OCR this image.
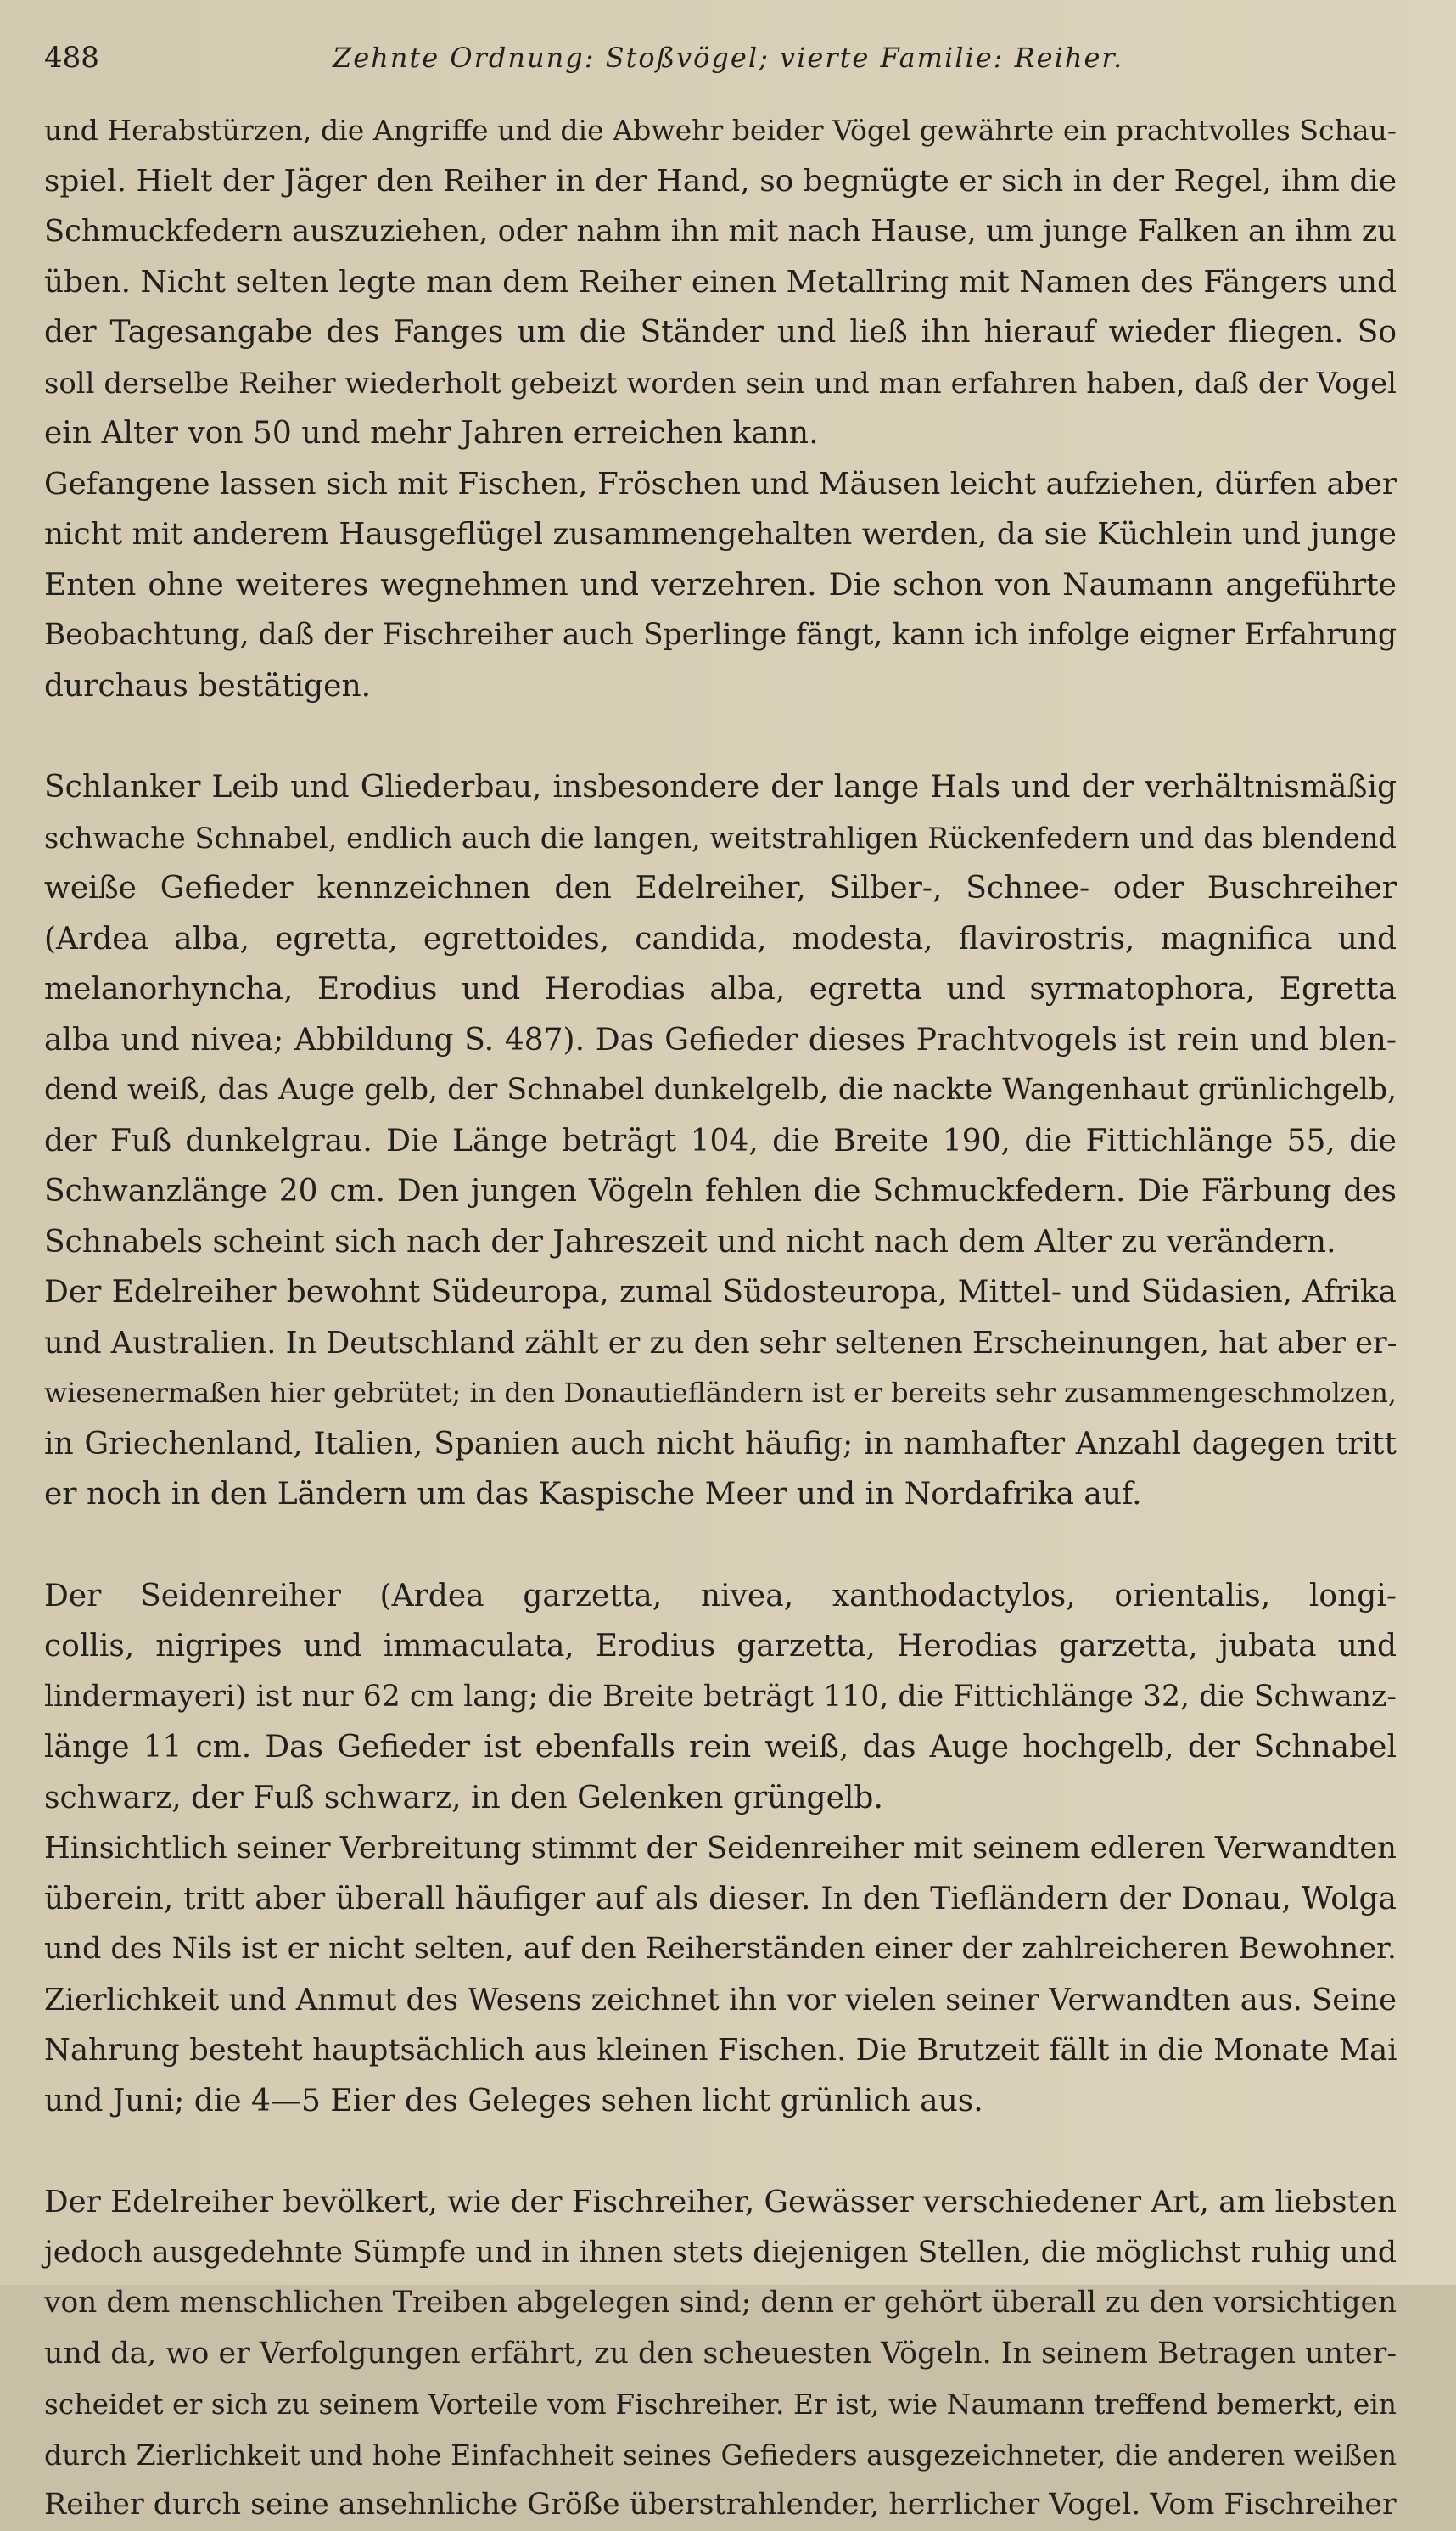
488	Zehnte Ordnung: Stoßvögel; vierte Familie: Reiher.

und Herabstürzen, die Angriffe und die Abwehr beider Vögel gewährte ein prachtvolles Schau-
spiel. Hielt der Jäger den Reiher in der Hand, so begnügte er sich in der Regel, ihm die
Schmuckfedern auszuziehen, oder nahm ihn mit nach Hause, um junge Falken an ihm zu
üben. Nicht selten legte man dem Reiher einen Metallring mit Namen des Fängers und
der Tagesangabe des Fanges um die Ständer und ließ ihn hierauf wieder fliegen. So
soll derselbe Reiher wiederholt gebeizt worden sein und man erfahren haben, daß der Vogel
ein Alter von 50 und mehr Jahren erreichen kann.

Gefangene lassen sich mit Fischen, Fröschen und Mäusen leicht aufziehen, dürfen aber
nicht mit anderem Hausgeflügel zusammengehalten werden, da sie Küchlein und junge
Enten ohne weiteres wegnehmen und verzehren. Die schon von Naumann angeführte
Beobachtung, daß der Fischreiher auch Sperlinge fängt, kann ich infolge eigner Erfahrung
durchaus bestätigen.

Schlanker Leib und Gliederbau, insbesondere der lange Hals und der verhältnismäßig
schwache Schnabel, endlich auch die langen, weitstrahligen Rückenfedern und das blendend
weiße Gefieder kennzeichnen den Edelreiher, Silber-, Schnee- oder Buschreiher
(Ardea alba, egretta, egrettoides, candida, modesta, flavirostris, magnifica und
melanorhyncha, Erodius und Herodias alba, egretta und syrmatophora, Egretta
alba und nivea; Abbildung S. 487). Das Gefieder dieses Prachtvogels ist rein und blen-
dend weiß, das Auge gelb, der Schnabel dunkelgelb, die nackte Wangenhaut grünlichgelb,
der Fuß dunkelgrau. Die Länge beträgt 104, die Breite 190, die Fittichlänge 55, die
Schwanzlänge 20 cm. Den jungen Vögeln fehlen die Schmuckfedern. Die Färbung des
Schnabels scheint sich nach der Jahreszeit und nicht nach dem Alter zu verändern.

Der Edelreiher bewohnt Südeuropa, zumal Südosteuropa, Mittel- und Südasien, Afrika
und Australien. In Deutschland zählt er zu den sehr seltenen Erscheinungen, hat aber er-
wiesenermaßen hier gebrütet; in den Donautiefländern ist er bereits sehr zusammengeschmolzen,
in Griechenland, Italien, Spanien auch nicht häufig; in namhafter Anzahl dagegen tritt
er noch in den Ländern um das Kaspische Meer und in Nordafrika auf.

Der Seidenreiher (Ardea garzetta, nivea, xanthodactylos, orientalis, longi-
collis, nigripes und immaculata, Erodius garzetta, Herodias garzetta, jubata und
lindermayeri) ist nur 62 cm lang; die Breite beträgt 110, die Fittichlänge 32, die Schwanz-
länge 11 cm. Das Gefieder ist ebenfalls rein weiß, das Auge hochgelb, der Schnabel
schwarz, der Fuß schwarz, in den Gelenken grüngelb.

Hinsichtlich seiner Verbreitung stimmt der Seidenreiher mit seinem edleren Verwandten
überein, tritt aber überall häufiger auf als dieser. In den Tiefländern der Donau, Wolga
und des Nils ist er nicht selten, auf den Reiherständen einer der zahlreicheren Bewohner.
Zierlichkeit und Anmut des Wesens zeichnet ihn vor vielen seiner Verwandten aus. Seine
Nahrung besteht hauptsächlich aus kleinen Fischen. Die Brutzeit fällt in die Monate Mai
und Juni; die 4—5 Eier des Geleges sehen licht grünlich aus.

Der Edelreiher bevölkert, wie der Fischreiher, Gewässer verschiedener Art, am liebsten
jedoch ausgedehnte Sümpfe und in ihnen stets diejenigen Stellen, die möglichst ruhig und
von dem menschlichen Treiben abgelegen sind; denn er gehört überall zu den vorsichtigen
und da, wo er Verfolgungen erfährt, zu den scheuesten Vögeln. In seinem Betragen unter-
scheidet er sich zu seinem Vorteile vom Fischreiher. Er ist, wie Naumann treffend bemerkt, ein
durch Zierlichkeit und hohe Einfachheit seines Gefieders ausgezeichneter, die anderen weißen
Reiher durch seine ansehnliche Größe überstrahlender, herrlicher Vogel. Vom Fischreiher
